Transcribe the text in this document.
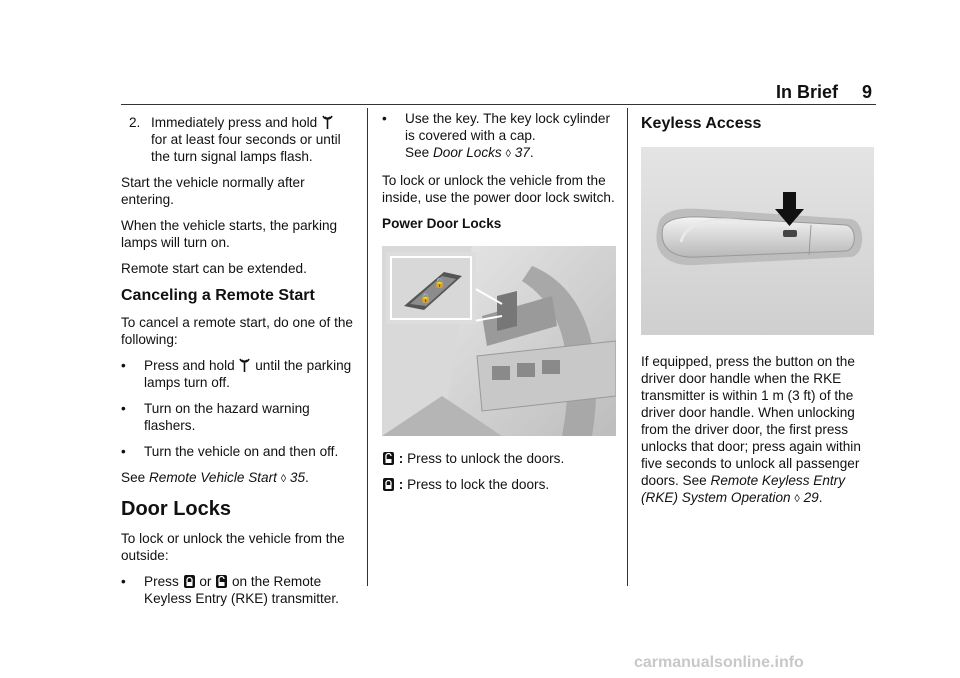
In Brief 9
2. Immediately press and hold
for at least four seconds or until the turn signal lamps flash.

Start the vehicle normally after entering.

When the vehicle starts, the parking lamps will turn on.

Remote start can be extended.

Canceling a Remote Start

To cancel a remote start, do one of the following:

• Press and hold until the parking lamps turn off.
• Turn on the hazard warning flashers.
• Turn the vehicle on and then off.

See Remote Vehicle Start ◊ 35.

Door Locks

To lock or unlock the vehicle from the outside:

• Press or on the Remote Keyless Entry (RKE) transmitter.
• Use the key. The key lock cylinder is covered with a cap.
See Door Locks ◊ 37.

To lock or unlock the vehicle from the inside, use the power door lock switch.

Power Door Locks
🔓
🔒

: Press to unlock the doors.

: Press to lock the doors.

Keyless Access

If equipped, press the button on the driver door handle when the RKE transmitter is within 1 m (3 ft) of the driver door handle. When unlocking from the driver door, the first press unlocks that door; press again within five seconds to unlock all passenger doors. See Remote Keyless Entry (RKE) System Operation ◊ 29.

carmanualsonline.info
